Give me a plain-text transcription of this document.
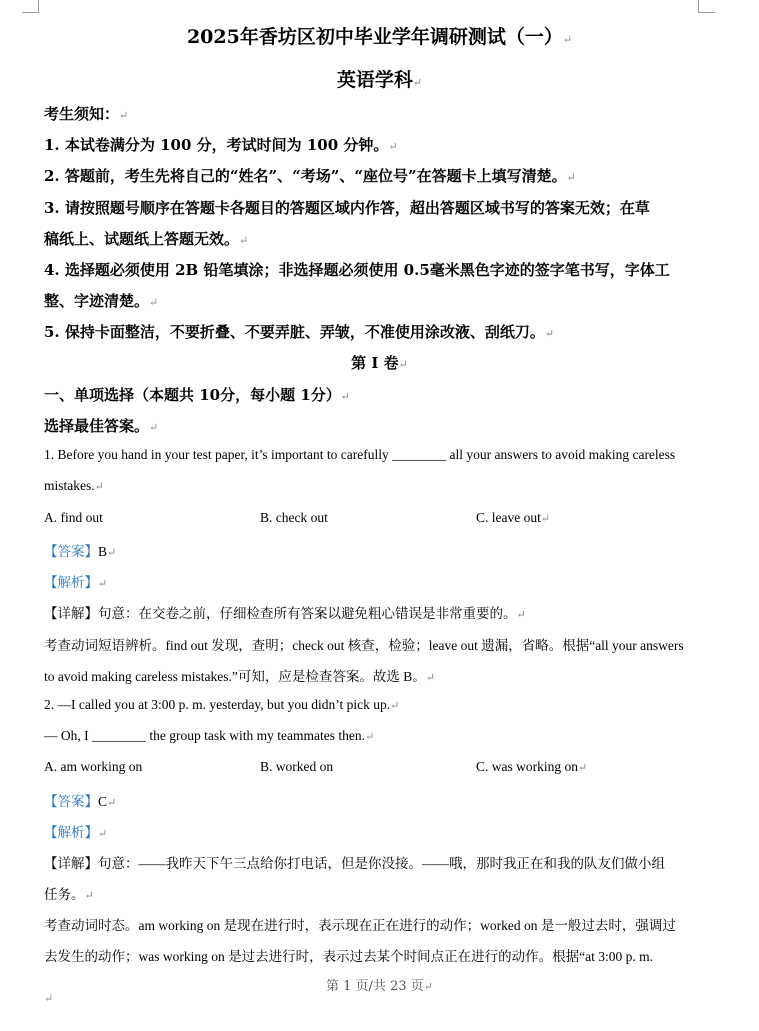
2025年香坊区初中毕业学年调研测试（一）↵
英语学科↵
考生须知：↵
1. 本试卷满分为 100 分，考试时间为 100 分钟。↵
2. 答题前，考生先将自己的“姓名”、“考场”、“座位号”在答题卡上填写清楚。↵
3. 请按照题号顺序在答题卡各题目的答题区域内作答，超出答题区域书写的答案无效；在草
稿纸上、试题纸上答题无效。↵
4. 选择题必须使用 2B 铅笔填涂；非选择题必须使用 0.5毫米黑色字迹的签字笔书写，字体工
整、字迹清楚。↵
5. 保持卡面整洁，不要折叠、不要弄脏、弄皱，不准使用涂改液、刮纸刀。↵
第 I 卷↵
一、单项选择（本题共 10分，每小题 1分）↵
选择最佳答案。↵
1. Before you hand in your test paper, it’s important to carefully ________ all your answers to avoid making careless
mistakes.↵
A. find out	B. check out	C. leave out↵
【答案】B↵
【解析】↵
【详解】句意：在交卷之前，仔细检查所有答案以避免粗心错误是非常重要的。↵
考查动词短语辨析。find out 发现，查明；check out 核查，检验；leave out 遗漏，省略。根据“all your answers
to avoid making careless mistakes.”可知，应是检查答案。故选 B。↵
2. —I called you at 3:00 p. m. yesterday, but you didn’t pick up.↵
— Oh, I ________ the group task with my teammates then.↵
A. am working on	B. worked on	C. was working on↵
【答案】C↵
【解析】↵
【详解】句意：——我昨天下午三点给你打电话，但是你没接。——哦，那时我正在和我的队友们做小组
任务。↵
考查动词时态。am working on 是现在进行时，表示现在正在进行的动作；worked on 是一般过去时，强调过
去发生的动作；was working on 是过去进行时，表示过去某个时间点正在进行的动作。根据“at 3:00 p. m.
第 1 页/共 23 页↵
↵
